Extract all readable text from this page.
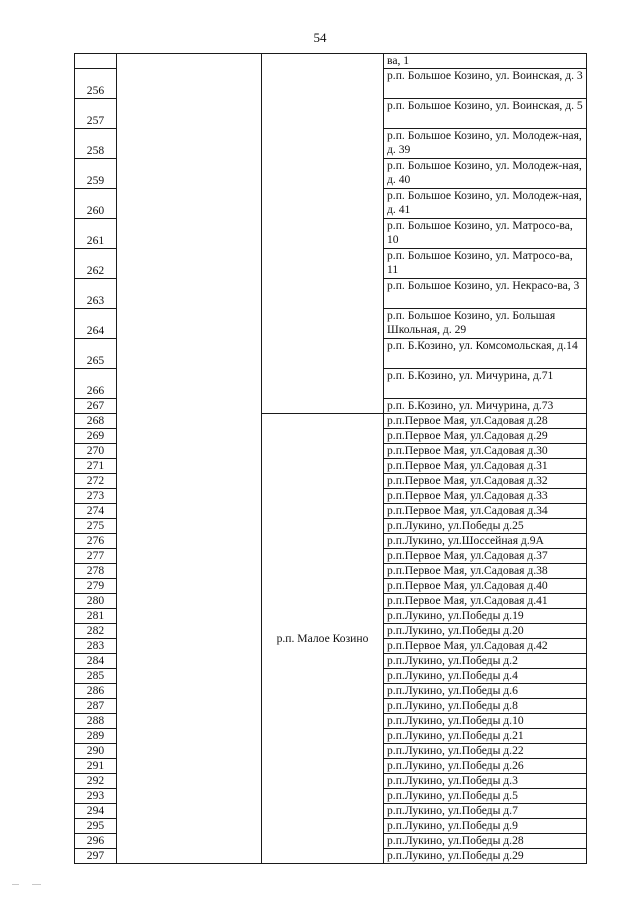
54
			ва, 1
256			р.п. Большое Козино, ул. Воинская, д. 3
257			р.п. Большое Козино, ул. Воинская, д. 5
258			р.п. Большое Козино, ул. Молодеж-ная, д. 39
259			р.п. Большое Козино, ул. Молодеж-ная, д. 40
260			р.п. Большое Козино, ул. Молодеж-ная, д. 41
261			р.п. Большое Козино, ул. Матросо-ва, 10
262			р.п. Большое Козино, ул. Матросо-ва, 11
263			р.п. Большое Козино, ул. Некрасо-ва, 3
264			р.п. Большое Козино, ул. Большая Школьная, д. 29
265			р.п. Б.Козино, ул. Комсомольская, д.14
266			р.п. Б.Козино, ул. Мичурина, д.71
267			р.п. Б.Козино, ул. Мичурина, д.73
268		р.п. Малое Козино	р.п.Первое Мая, ул.Садовая д.28
269			р.п.Первое Мая, ул.Садовая д.29
270			р.п.Первое Мая, ул.Садовая д.30
271			р.п.Первое Мая, ул.Садовая д.31
272			р.п.Первое Мая, ул.Садовая д.32
273			р.п.Первое Мая, ул.Садовая д.33
274			р.п.Первое Мая, ул.Садовая д.34
275			р.п.Лукино, ул.Победы д.25
276			р.п.Лукино, ул.Шоссейная д.9А
277			р.п.Первое Мая, ул.Садовая д.37
278			р.п.Первое Мая, ул.Садовая д.38
279			р.п.Первое Мая, ул.Садовая д.40
280			р.п.Первое Мая, ул.Садовая д.41
281			р.п.Лукино, ул.Победы д.19
282			р.п.Лукино, ул.Победы д.20
283			р.п.Первое Мая, ул.Садовая д.42
284			р.п.Лукино, ул.Победы д.2
285			р.п.Лукино, ул.Победы д.4
286			р.п.Лукино, ул.Победы д.6
287			р.п.Лукино, ул.Победы д.8
288			р.п.Лукино, ул.Победы д.10
289			р.п.Лукино, ул.Победы д.21
290			р.п.Лукино, ул.Победы д.22
291			р.п.Лукино, ул.Победы д.26
292			р.п.Лукино, ул.Победы д.3
293			р.п.Лукино, ул.Победы д.5
294			р.п.Лукино, ул.Победы д.7
295			р.п.Лукино, ул.Победы д.9
296			р.п.Лукино, ул.Победы д.28
297			р.п.Лукино, ул.Победы д.29
